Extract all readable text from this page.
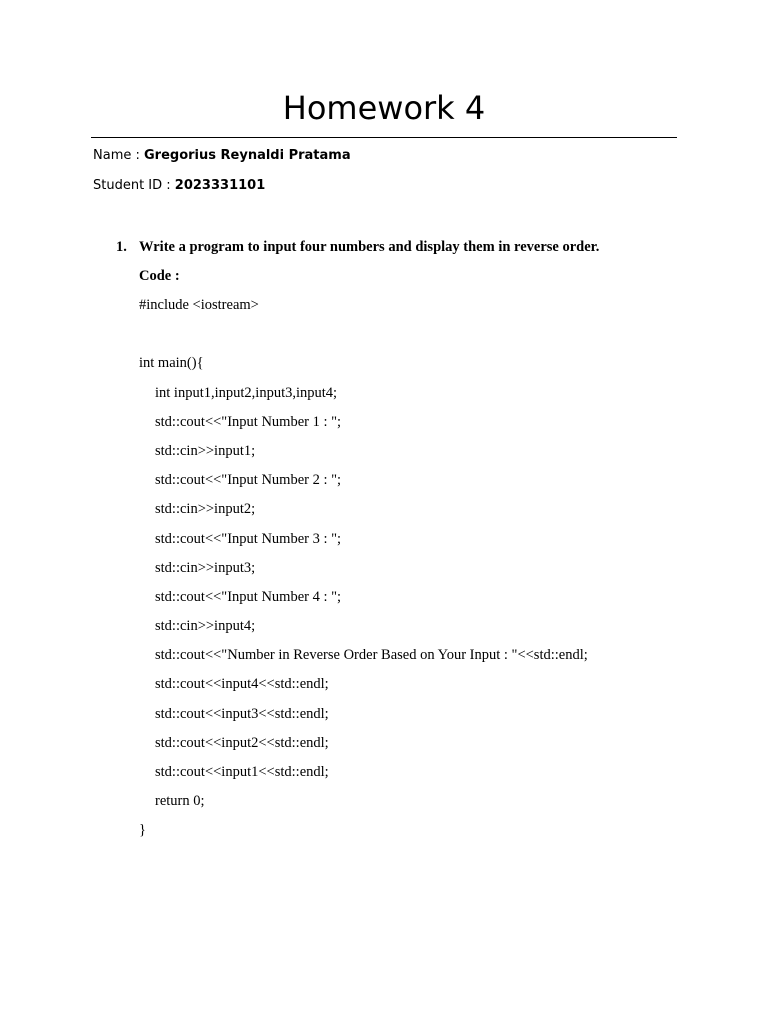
Homework 4
Name : Gregorius Reynaldi Pratama
Student ID : 2023331101
1. Write a program to input four numbers and display them in reverse order.
Code :
#include <iostream>
int main(){
int input1,input2,input3,input4;
std::cout<<"Input Number 1 : ";
std::cin>>input1;
std::cout<<"Input Number 2 : ";
std::cin>>input2;
std::cout<<"Input Number 3 : ";
std::cin>>input3;
std::cout<<"Input Number 4 : ";
std::cin>>input4;
std::cout<<"Number in Reverse Order Based on Your Input : "<<std::endl;
std::cout<<input4<<std::endl;
std::cout<<input3<<std::endl;
std::cout<<input2<<std::endl;
std::cout<<input1<<std::endl;
return 0;
}
